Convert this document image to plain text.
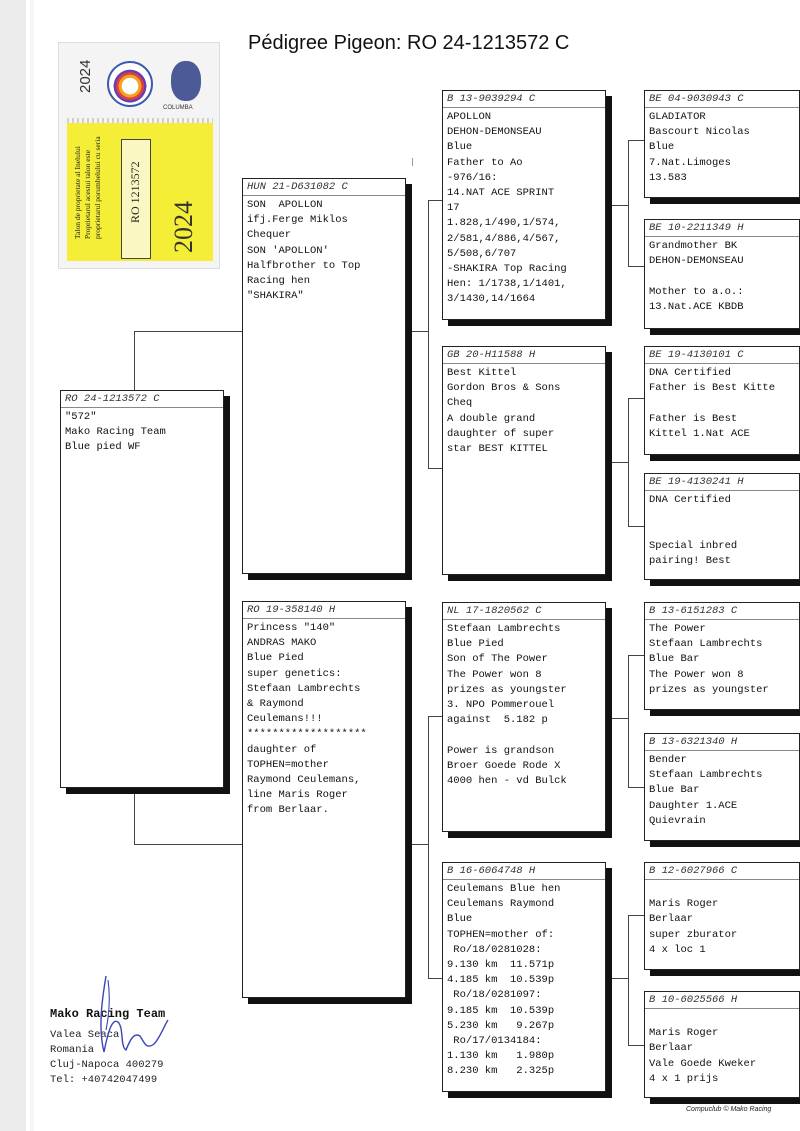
Pédigree Pigeon: RO 24-1213572 C
2024
COLUMBA
Talon de proprietate al Inelului Proprietarul acestui talon este proprietarul porumbelului cu seria RO 1213572
2024
RO 24-1213572 C
"572"
Mako Racing Team
Blue pied WF
HUN 21-D631082 C
SON  APOLLON
ifj.Ferge Miklos
Chequer
SON 'APOLLON'
Halfbrother to Top
Racing hen
"SHAKIRA"
RO 19-358140 H
Princess "140"
ANDRAS MAKO
Blue Pied
super genetics:
Stefaan Lambrechts
& Raymond
Ceulemans!!!
*******************
daughter of
TOPHEN=mother
Raymond Ceulemans,
line Maris Roger
from Berlaar.
B 13-9039294 C
APOLLON
DEHON-DEMONSEAU
Blue
Father to Ao
-976/16:
14.NAT ACE SPRINT
17
1.828,1/490,1/574,
2/581,4/886,4/567,
5/508,6/707
-SHAKIRA Top Racing
Hen: 1/1738,1/1401,
3/1430,14/1664
GB 20-H11588 H
Best Kittel
Gordon Bros & Sons
Cheq
A double grand
daughter of super
star BEST KITTEL
NL 17-1820562 C
Stefaan Lambrechts
Blue Pied
Son of The Power
The Power won 8
prizes as youngster
3. NPO Pommerouel
against  5.182 p

Power is grandson
Broer Goede Rode X
4000 hen - vd Bulck
B 16-6064748 H
Ceulemans Blue hen
Ceulemans Raymond
Blue
TOPHEN=mother of:
Ro/18/0281028:
9.130 km  11.571p
4.185 km  10.539p
Ro/18/0281097:
9.185 km  10.539p
5.230 km   9.267p
Ro/17/0134184:
1.130 km   1.980p
8.230 km   2.325p
BE 04-9030943 C
GLADIATOR
Bascourt Nicolas
Blue
7.Nat.Limoges
13.583
BE 10-2211349 H
Grandmother BK
DEHON-DEMONSEAU

Mother to a.o.:
13.Nat.ACE KBDB
BE 19-4130101 C
DNA Certified
Father is Best Kitte

Father is Best
Kittel 1.Nat ACE
BE 19-4130241 H
DNA Certified

Special inbred
pairing! Best
B 13-6151283 C
The Power
Stefaan Lambrechts
Blue Bar
The Power won 8
prizes as youngster
B 13-6321340 H
Bender
Stefaan Lambrechts
Blue Bar
Daughter 1.ACE
Quievrain
B 12-6027966 C

Maris Roger
Berlaar
super zburator
4 x loc 1
B 10-6025566 H

Maris Roger
Berlaar
Vale Goede Kweker
4 x 1 prijs
Mako Racing Team
Valea Seaca
Romania
Cluj-Napoca 400279
Tel: +40742047499
Compuclub © Mako Racing
